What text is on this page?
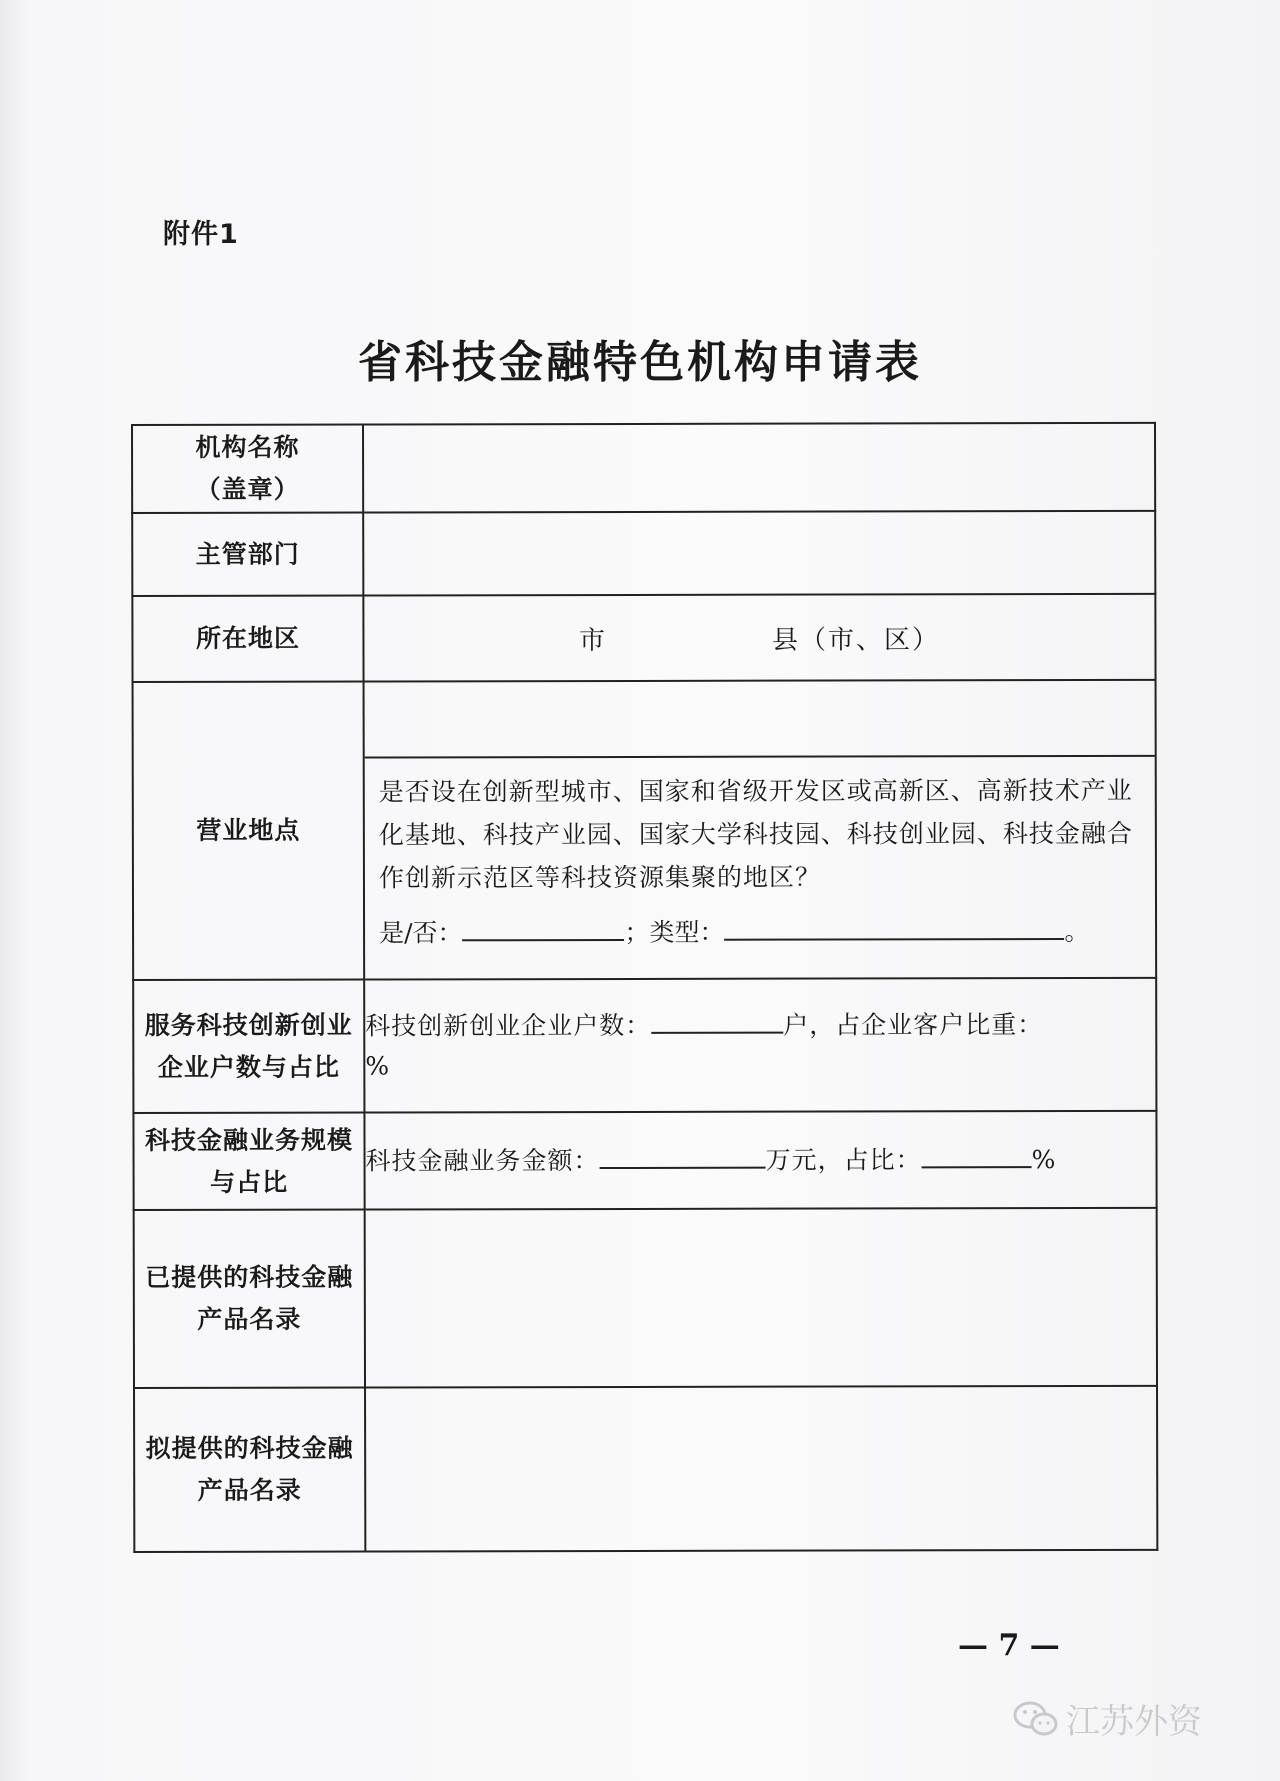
附件1
省科技金融特色机构申请表
机构名称
（盖章）	

主管部门	
所在地区	市 县（市、区）

营业地点	是否设在创新型城市、国家和省级开发区或高新区、高新技术产业化基地、科技产业园、国家大学科技园、科技创业园、科技金融合作创新示范区等科技资源集聚的地区？
是/否： ；类型： 。

服务科技创新创业企业户数与占比	科技创新创业企业户数： 户，占企业客户比重：
%

科技金融业务规模与占比	科技金融业务金额： 万元，占比： %

已提供的科技金融产品名录	
拟提供的科技金融产品名录	
— 7 —
江苏外资
